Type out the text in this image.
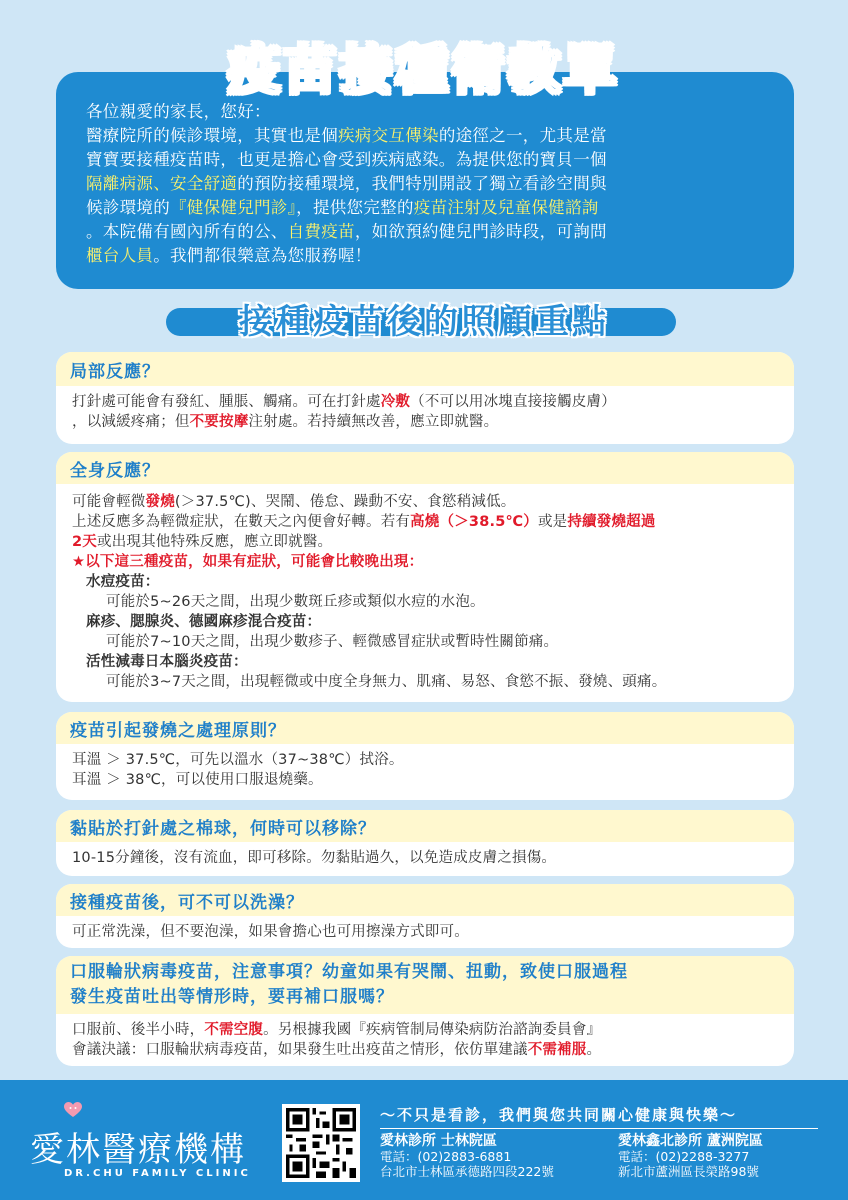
疫苗接種衛教單

各位親愛的家長，您好：

醫療院所的候診環境，其實也是個疾病交互傳染的途徑之一，尤其是當

寶寶要接種疫苗時，也更是擔心會受到疾病感染。為提供您的寶貝一個

隔離病源、安全舒適的預防接種環境，我們特別開設了獨立看診空間與

候診環境的『健保健兒門診』，提供您完整的疫苗注射及兒童保健諮詢

。本院備有國內所有的公、自費疫苗，如欲預約健兒門診時段，可詢問

櫃台人員。我們都很樂意為您服務喔！

接種疫苗後的照顧重點
局部反應？

打針處可能會有發紅、腫脹、觸痛。可在打針處冷敷（不可以用冰塊直接接觸皮膚）

，以減緩疼痛；但不要按摩注射處。若持續無改善，應立即就醫。

全身反應？

可能會輕微發燒(＞37.5℃)、哭鬧、倦怠、躁動不安、食慾稍減低。

上述反應多為輕微症狀，在數天之內便會好轉。若有高燒（＞38.5℃）或是持續發燒超過

2天或出現其他特殊反應，應立即就醫。

★以下這三種疫苗，如果有症狀，可能會比較晚出現：

水痘疫苗：

可能於5~26天之間，出現少數斑丘疹或類似水痘的水泡。

麻疹、腮腺炎、德國麻疹混合疫苗：

可能於7~10天之間，出現少數疹子、輕微感冒症狀或暫時性關節痛。

活性減毒日本腦炎疫苗：

可能於3~7天之間，出現輕微或中度全身無力、肌痛、易怒、食慾不振、發燒、頭痛。

疫苗引起發燒之處理原則？

耳溫 ＞ 37.5℃，可先以溫水（37~38℃）拭浴。

耳溫 ＞ 38℃，可以使用口服退燒藥。

黏貼於打針處之棉球，何時可以移除？

10-15分鐘後，沒有流血，即可移除。勿黏貼過久，以免造成皮膚之損傷。

接種疫苗後，可不可以洗澡？

可正常洗澡，但不要泡澡，如果會擔心也可用擦澡方式即可。

口服輪狀病毒疫苗，注意事項？幼童如果有哭鬧、扭動，致使口服過程
發生疫苗吐出等情形時，要再補口服嗎？

口服前、後半小時，不需空腹。另根據我國『疾病管制局傳染病防治諮詢委員會』

會議決議：口服輪狀病毒疫苗，如果發生吐出疫苗之情形，依仿單建議不需補服。

愛林醫療機構
DR.CHU FAMILY CLINIC
～不只是看診，我們與您共同關心健康與快樂～
愛林診所 士林院區
電話：(02)2883-6881
台北市士林區承德路四段222號
愛林鑫北診所 蘆洲院區
電話：(02)2288-3277
新北市蘆洲區長榮路98號
